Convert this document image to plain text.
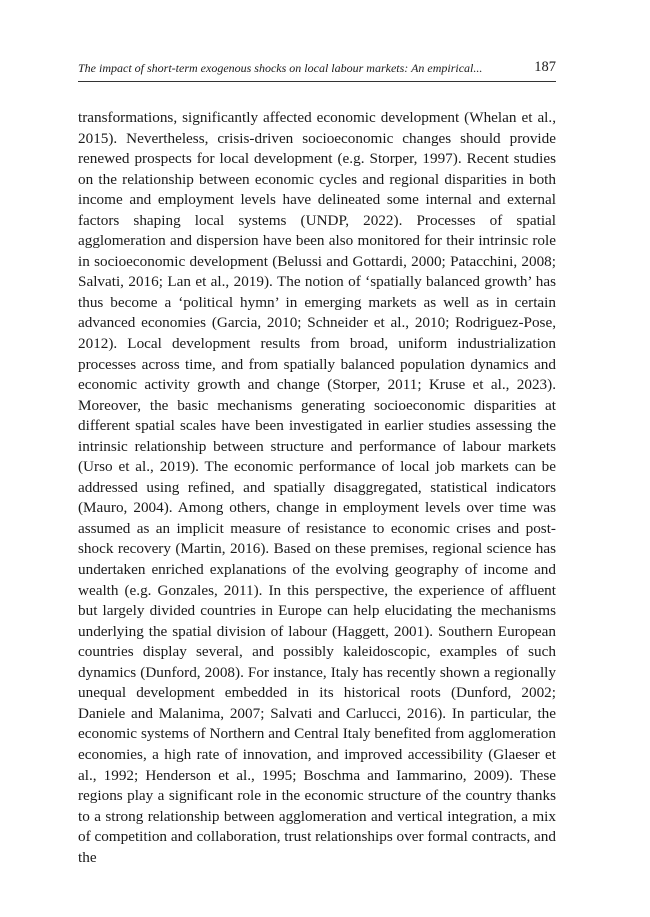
The impact of short-term exogenous shocks on local labour markets: An empirical...	187

transformations, significantly affected economic development (Whelan et al., 2015). Nevertheless, crisis-driven socioeconomic changes should provide renewed prospects for local development (e.g. Storper, 1997). Recent studies on the relationship between economic cycles and regional disparities in both income and employment levels have delineated some internal and external factors shaping local systems (UNDP, 2022). Processes of spatial agglomeration and dispersion have been also monitored for their intrinsic role in socioeconomic development (Belussi and Gottardi, 2000; Patacchini, 2008; Salvati, 2016; Lan et al., 2019). The notion of ‘spatially balanced growth’ has thus become a ‘political hymn’ in emerging markets as well as in certain advanced economies (Garcia, 2010; Schneider et al., 2010; Rodriguez-Pose, 2012). Local development results from broad, uniform industrialization processes across time, and from spatially balanced population dynamics and economic activity growth and change (Storper, 2011; Kruse et al., 2023). Moreover, the basic mechanisms generating socioeconomic disparities at different spatial scales have been investigated in earlier studies assessing the intrinsic relationship between structure and performance of labour markets (Urso et al., 2019). The economic performance of local job markets can be addressed using refined, and spatially disaggregated, statistical indicators (Mauro, 2004). Among others, change in employment levels over time was assumed as an implicit measure of resistance to economic crises and post-shock recovery (Martin, 2016). Based on these premises, regional science has undertaken enriched explanations of the evolving geography of income and wealth (e.g. Gonzales, 2011). In this perspective, the experience of affluent but largely divided countries in Europe can help elucidating the mechanisms underlying the spatial division of labour (Haggett, 2001). Southern European countries display several, and possibly kaleidoscopic, examples of such dynamics (Dunford, 2008). For instance, Italy has recently shown a regionally unequal development embedded in its historical roots (Dunford, 2002; Daniele and Malanima, 2007; Salvati and Carlucci, 2016). In particular, the economic systems of Northern and Central Italy benefited from agglomeration economies, a high rate of innovation, and improved accessibility (Glaeser et al., 1992; Henderson et al., 1995; Boschma and Iammarino, 2009). These regions play a significant role in the economic structure of the country thanks to a strong relationship between agglomeration and vertical integration, a mix of competition and collaboration, trust relationships over formal contracts, and the
